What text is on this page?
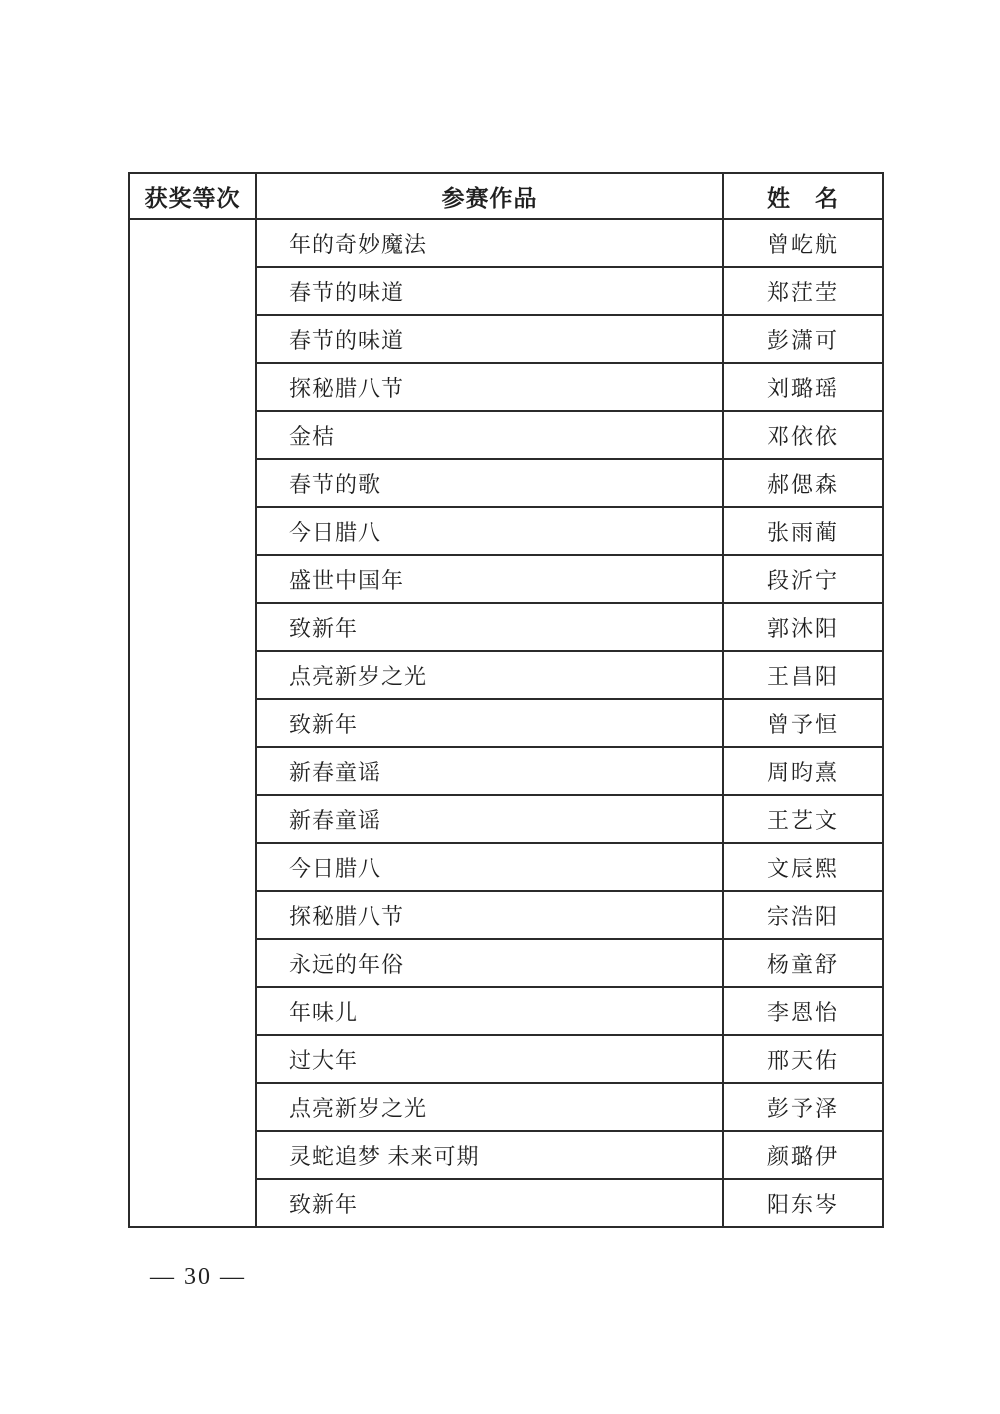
获奖等次	参赛作品	姓　名
	年的奇妙魔法	曾屹航
	春节的味道	郑茳茔
	春节的味道	彭潇可
	探秘腊八节	刘璐瑶
	金桔	邓依依
	春节的歌	郝偲森
	今日腊八	张雨蔺
	盛世中国年	段沂宁
	致新年	郭沐阳
	点亮新岁之光	王昌阳
	致新年	曾予恒
	新春童谣	周昀熹
	新春童谣	王艺文
	今日腊八	文辰熙
	探秘腊八节	宗浩阳
	永远的年俗	杨童舒
	年味儿	李恩怡
	过大年	邢天佑
	点亮新岁之光	彭予泽
	灵蛇追梦 未来可期	颜璐伊
	致新年	阳东岑
— 30 —
